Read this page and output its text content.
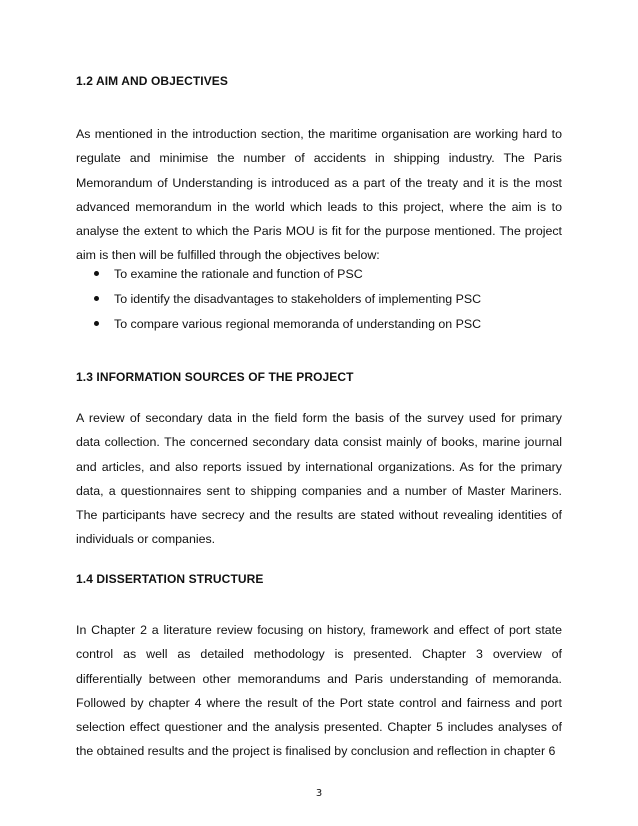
1.2 AIM AND OBJECTIVES
As mentioned in the introduction section, the maritime organisation are working hard to
regulate and minimise the number of accidents in shipping industry. The Paris
Memorandum of Understanding is introduced as a part of the treaty and it is the most
advanced memorandum in the world which leads to this project, where the aim is to
analyse the extent to which the Paris MOU is fit for the purpose mentioned. The project
aim is then will be fulfilled through the objectives below:
To examine the rationale and function of PSC
To identify the disadvantages to stakeholders of implementing PSC
To compare various regional memoranda of understanding on PSC
1.3 INFORMATION SOURCES OF THE PROJECT
A review of secondary data in the field form the basis of the survey used for primary
data collection. The concerned secondary data consist mainly of books, marine journal
and articles, and also reports issued by international organizations. As for the primary
data, a questionnaires sent to shipping companies and a number of Master Mariners.
The participants have secrecy and the results are stated without revealing identities of
individuals or companies.
1.4 DISSERTATION STRUCTURE
In Chapter 2 a literature review focusing on history, framework and effect of port state
control as well as detailed methodology is presented. Chapter 3 overview of
differentially between other memorandums and Paris understanding of memoranda.
Followed by chapter 4 where the result of the Port state control and fairness and port
selection effect questioner and the analysis presented. Chapter 5 includes analyses of
the obtained results and the project is finalised by conclusion and reflection in chapter 6
3
